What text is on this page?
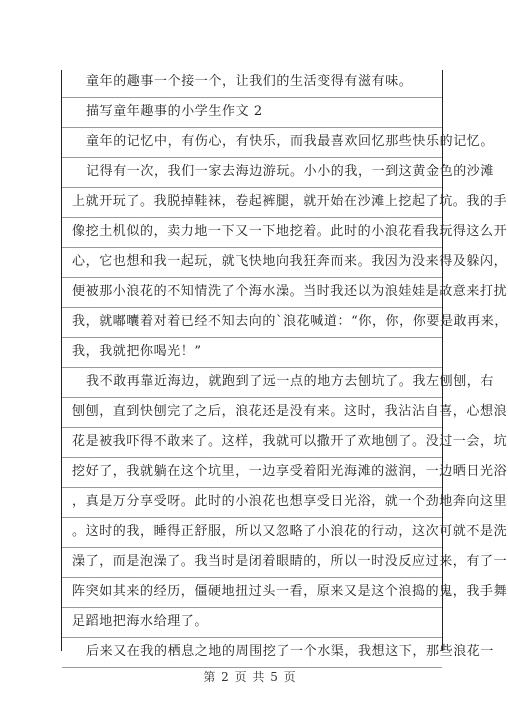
童年的趣事一个接一个，让我们的生活变得有滋有味。
描写童年趣事的小学生作文 2
童年的记忆中，有伤心，有快乐，而我最喜欢回忆那些快乐的记忆。
记得有一次，我们一家去海边游玩。小小的我，一到这黄金色的沙滩
上就开玩了。我脱掉鞋袜，卷起裤腿，就开始在沙滩上挖起了坑。我的手
像挖土机似的，卖力地一下又一下地挖着。此时的小浪花看我玩得这么开
心，它也想和我一起玩，就飞快地向我狂奔而来。我因为没来得及躲闪，
便被那小浪花的不知情洗了个海水澡。当时我还以为浪娃娃是故意来打扰
我，就嘟囔着对着已经不知去向的`浪花喊道：“你，你，你要是敢再来，
我，我就把你喝光！”
我不敢再靠近海边，就跑到了远一点的地方去刨坑了。我左刨刨，右
刨刨，直到快刨完了之后，浪花还是没有来。这时，我沾沾自喜，心想浪
花是被我吓得不敢来了。这样，我就可以撒开了欢地刨了。没过一会，坑
挖好了，我就躺在这个坑里，一边享受着阳光海滩的滋润，一边晒日光浴
，真是万分享受呀。此时的小浪花也想享受日光浴，就一个劲地奔向这里
。这时的我，睡得正舒服，所以又忽略了小浪花的行动，这次可就不是洗
澡了，而是泡澡了。我当时是闭着眼睛的，所以一时没反应过来，有了一
阵突如其来的经历，僵硬地扭过头一看，原来又是这个浪捣的鬼，我手舞
足蹈地把海水给理了。
后来又在我的栖息之地的周围挖了一个水渠，我想这下，那些浪花一
第 2 页 共 5 页
